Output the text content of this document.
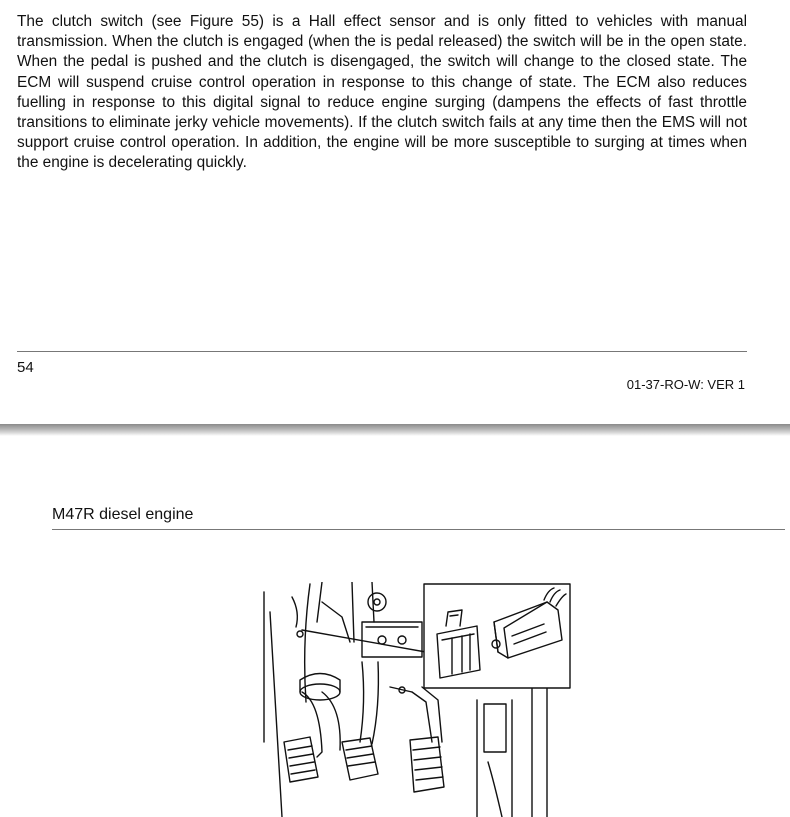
The clutch switch (see Figure 55) is a Hall effect sensor and is only fitted to vehicles with manual transmission. When the clutch is engaged (when the is pedal released) the switch will be in the open state. When the pedal is pushed and the clutch is disengaged, the switch will change to the closed state. The ECM will suspend cruise control operation in response to this change of state. The ECM also reduces fuelling in response to this digital signal to reduce engine surging (dampens the effects of fast throttle transitions to eliminate jerky vehicle movements). If the clutch switch fails at any time then the EMS will not support cruise control operation. In addition, the engine will be more susceptible to surging at times when the engine is decelerating quickly.

54
01-37-RO-W: VER 1
M47R diesel engine
